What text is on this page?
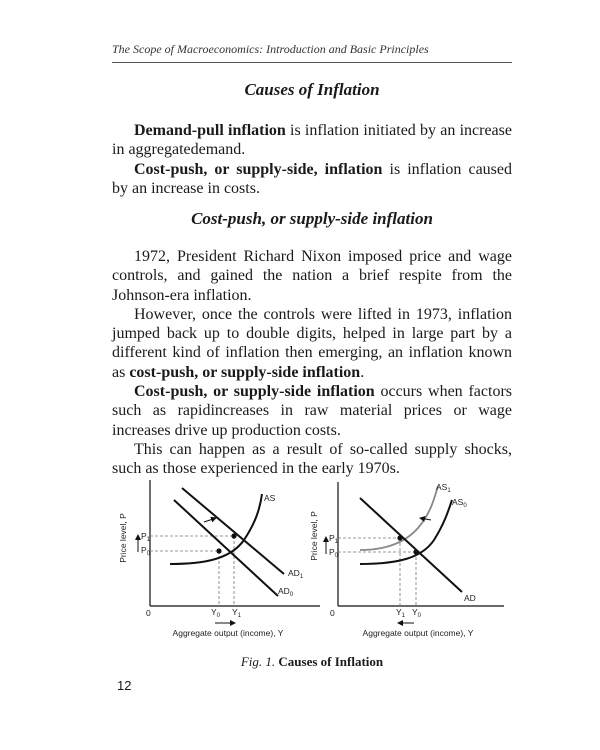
The Scope of Macroeconomics: Introduction and Basic Principles
Causes of Inflation

Demand-pull inflation is inflation initiated by an increase in aggregatedemand.

Cost-push, or supply-side, inflation is inflation caused by an increase in costs.

Cost-push, or supply-side inflation

1972, President Richard Nixon imposed price and wage controls, and gained the nation a brief respite from the Johnson-era inflation.

However, once the controls were lifted in 1973, inflation jumped back up to double digits, helped in large part by a different kind of inflation then emerging, an inflation known as cost-push, or supply-side inflation.

Cost-push, or supply-side inflation occurs when factors such as rapidincreases in raw material prices or wage increases drive up production costs.

This can happen as a result of so-called supply shocks, such as those experienced in the early 1970s.

Price level, P
0
$P_1$
$P_0$
AS
$AD_1$
$AD_0$
$Y_0$ $Y_1$
Aggregate output (income), Y
Price level, P
0
$P_1$
$P_0$
$AS_1$
$AS_0$
AD
$Y_1$ $Y_0$
Aggregate output (income), Y
Fig. 1. Causes of Inflation
12
